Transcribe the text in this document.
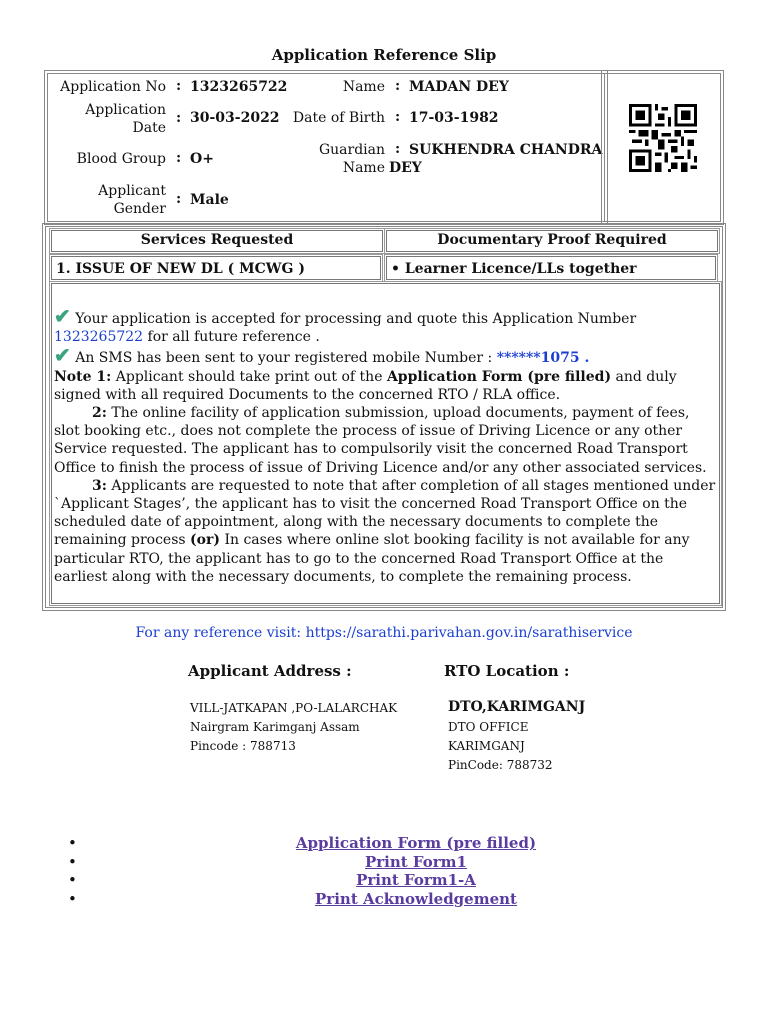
Application Reference Slip
Application No : 1323265722
Application
Date
: 30-03-2022
Blood Group : O+
Applicant
Gender
: Male
Name : MADAN DEY
Date of Birth : 17-03-1982
Guardian : SUKHENDRA CHANDRA
Name DEY
Services Requested	Documentary Proof Required
1. ISSUE OF NEW DL ( MCWG )	• Learner Licence/LLs together
✔ Your application is accepted for processing and quote this Application Number 1323265722 for all future reference .
✔ An SMS has been sent to your registered mobile Number : ******1075 .
Note 1: Applicant should take print out of the Application Form (pre filled) and duly signed with all required Documents to the concerned RTO / RLA office.
2: The online facility of application submission, upload documents, payment of fees, slot booking etc., does not complete the process of issue of Driving Licence or any other Service requested. The applicant has to compulsorily visit the concerned Road Transport Office to finish the process of issue of Driving Licence and/or any other associated services.
3: Applicants are requested to note that after completion of all stages mentioned under `Applicant Stages’, the applicant has to visit the concerned Road Transport Office on the scheduled date of appointment, along with the necessary documents to complete the remaining process (or) In cases where online slot booking facility is not available for any particular RTO, the applicant has to go to the concerned Road Transport Office at the earliest along with the necessary documents, to complete the remaining process.
For any reference visit: https://sarathi.parivahan.gov.in/sarathiservice
Applicant Address :	RTO Location :
VILL-JATKAPAN ,PO-LALARCHAK
Nairgram Karimganj Assam
Pincode : 788713
DTO,KARIMGANJ
DTO OFFICE
KARIMGANJ
PinCode: 788732
• Application Form (pre filled)
• Print Form1
• Print Form1-A
• Print Acknowledgement
